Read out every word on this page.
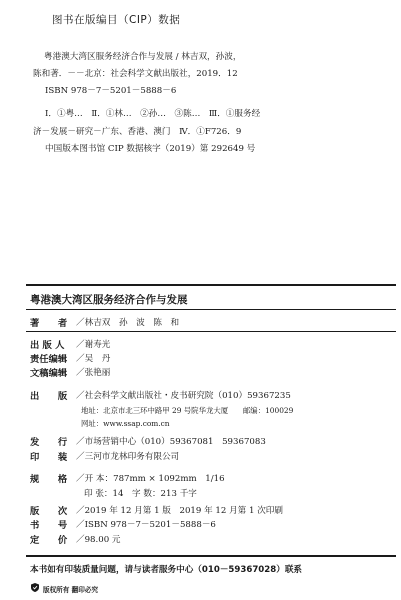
图书在版编目（CIP）数据
粤港澳大湾区服务经济合作与发展 / 林吉双，孙波，
陈和著．－－北京：社会科学文献出版社，2019．12
ISBN 978－7－5201－5888－6
Ⅰ．①粤…　Ⅱ．①林…　②孙…　③陈…　Ⅲ．①服务经
济－发展－研究－广东、香港、澳门　Ⅳ．①F726．9
中国版本图书馆 CIP 数据核字（2019）第 292649 号
粤港澳大湾区服务经济合作与发展
著　　者 ／林吉双　孙　波　陈　和
出 版 人 ／谢寿光
责任编辑 ／吴　丹
文稿编辑 ／张艳丽
出　　版 ／社会科学文献出版社・皮书研究院（010）59367235
地址：北京市北三环中路甲 29 号院华龙大厦　　邮编：100029
网址：www.ssap.com.cn
发　　行 ／市场营销中心（010）59367081　59367083
印　　装 ／三河市龙林印务有限公司
规　　格 ／开 本：787mm × 1092mm　1/16
印 张：14　字 数：213 千字
版　　次 ／2019 年 12 月第 1 版　2019 年 12 月第 1 次印刷
书　　号 ／ISBN 978－7－5201－5888－6
定　　价 ／98.00 元
本书如有印装质量问题，请与读者服务中心（010－59367028）联系
版权所有 翻印必究
